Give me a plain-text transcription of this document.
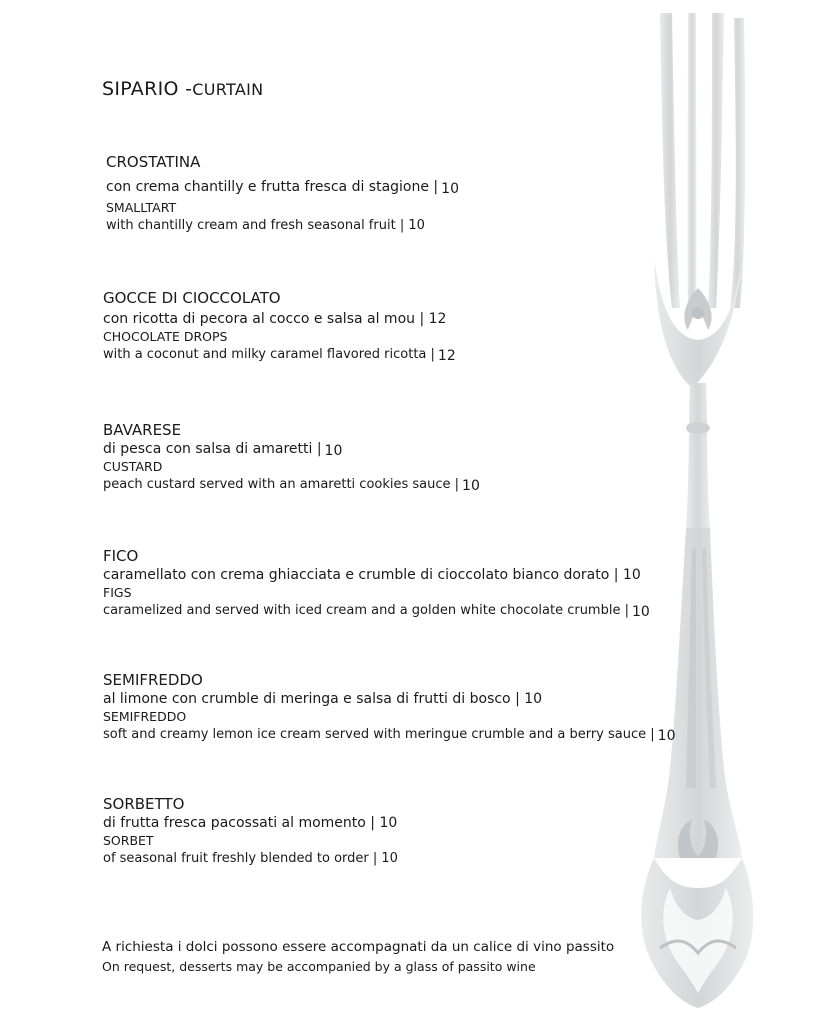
SIPARIO -CURTAIN
CROSTATINA
con crema chantilly e frutta fresca di stagione | 10
SMALLTART
with chantilly cream and fresh seasonal fruit | 10
GOCCE DI CIOCCOLATO
con ricotta di pecora al cocco e salsa al mou | 12
CHOCOLATE DROPS
with a coconut and milky caramel flavored ricotta | 12
BAVARESE
di pesca con salsa di amaretti | 10
CUSTARD
peach custard served with an amaretti cookies sauce | 10
FICO
caramellato con crema ghiacciata e crumble di cioccolato bianco dorato | 10
FIGS
caramelized and served with iced cream and a golden white chocolate crumble | 10
SEMIFREDDO
al limone con crumble di meringa e salsa di frutti di bosco | 10
SEMIFREDDO
soft and creamy lemon ice cream served with meringue crumble and a berry sauce | 10
SORBETTO
di frutta fresca pacossati al momento | 10
SORBET
of seasonal fruit freshly blended to order | 10
A richiesta i dolci possono essere accompagnati da un calice di vino passito
On request, desserts may be accompanied by a glass of passito wine
